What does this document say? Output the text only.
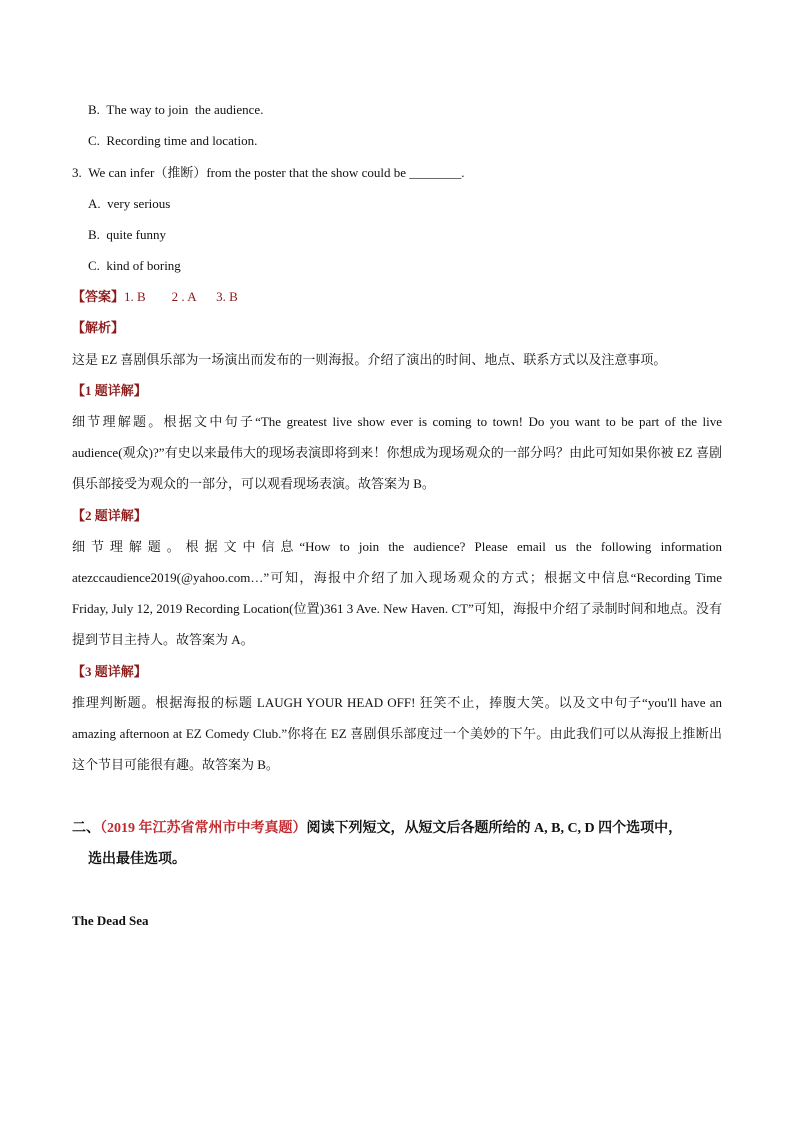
B.  The way to join  the audience.
C.  Recording time and location.
3.  We can infer（推断）from the poster that the show could be ________.
A.  very serious
B.  quite funny
C.  kind of boring
【答案】1. B        2 . A      3. B
【解析】
这是 EZ 喜剧俱乐部为一场演出而发布的一则海报。介绍了演出的时间、地点、联系方式以及注意事项。
【1 题详解】
细节理解题。根据文中句子“The greatest live show ever is coming to town! Do you want to be part of the live audience(观众)?”有史以来最伟大的现场表演即将到来！你想成为现场观众的一部分吗？由此可知如果你被 EZ 喜剧俱乐部接受为观众的一部分，可以观看现场表演。故答案为 B。
【2 题详解】
细节理解题。根据文中信息“How to join the audience? Please email us the following information atezccaudience2019(@yahoo.com…”可知，海报中介绍了加入现场观众的方式；根据文中信息“Recording Time Friday, July 12, 2019 Recording Location(位置)361 3 Ave. New Haven. CT”可知，海报中介绍了录制时间和地点。没有提到节目主持人。故答案为 A。
【3 题详解】
推理判断题。根据海报的标题 LAUGH YOUR HEAD OFF! 狂笑不止，捧腹大笑。以及文中句子“you'll have an amazing afternoon at EZ Comedy Club.”你将在 EZ 喜剧俱乐部度过一个美妙的下午。由此我们可以从海报上推断出这个节目可能很有趣。故答案为 B。
二、（2019 年江苏省常州市中考真题）阅读下列短文，从短文后各题所给的 A, B, C, D 四个选项中，
选出最佳选项。
The Dead Sea
